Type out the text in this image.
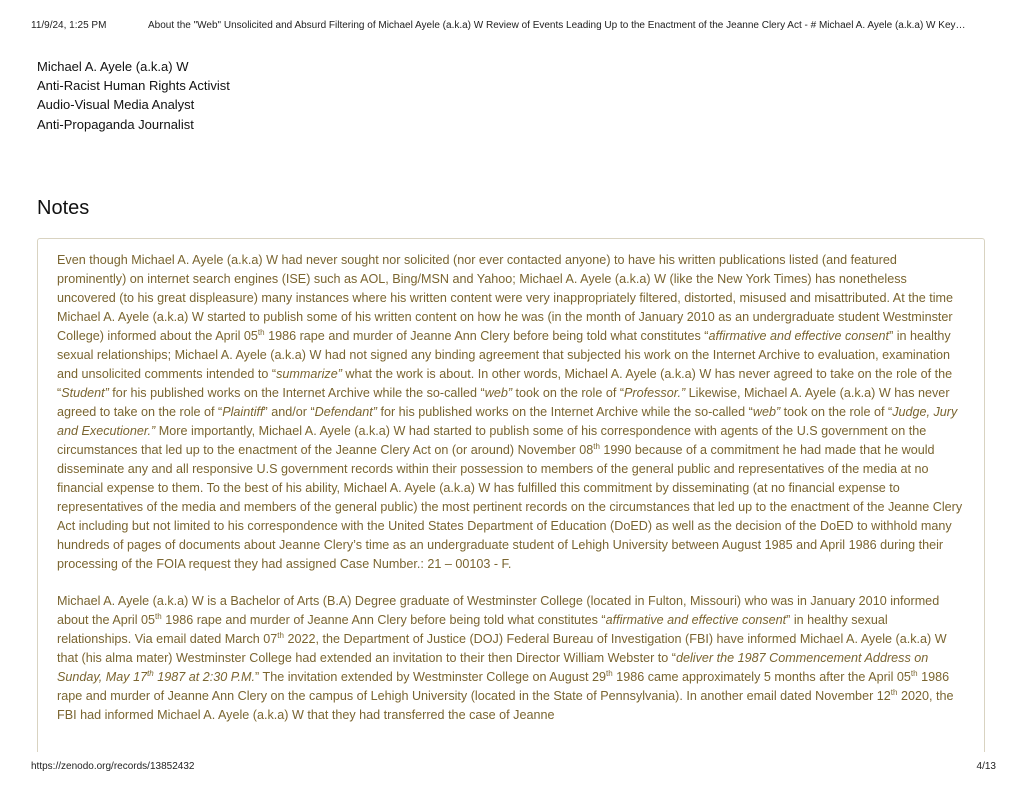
11/9/24, 1:25 PM	About the "Web" Unsolicited and Absurd Filtering of Michael Ayele (a.k.a) W Review of Events Leading Up to the Enactment of the Jeanne Clery Act - # Michael A. Ayele (a.k.a) W Key…
Michael A. Ayele (a.k.a) W
Anti-Racist Human Rights Activist
Audio-Visual Media Analyst
Anti-Propaganda Journalist
Notes

Even though Michael A. Ayele (a.k.a) W had never sought nor solicited (nor ever contacted anyone) to have his written publications listed (and featured prominently) on internet search engines (ISE) such as AOL, Bing/MSN and Yahoo; Michael A. Ayele (a.k.a) W (like the New York Times) has nonetheless uncovered (to his great displeasure) many instances where his written content were very inappropriately filtered, distorted, misused and misattributed. At the time Michael A. Ayele (a.k.a) W started to publish some of his written content on how he was (in the month of January 2010 as an undergraduate student Westminster College) informed about the April 05th 1986 rape and murder of Jeanne Ann Clery before being told what constitutes “affirmative and effective consent” in healthy sexual relationships; Michael A. Ayele (a.k.a) W had not signed any binding agreement that subjected his work on the Internet Archive to evaluation, examination and unsolicited comments intended to “summarize” what the work is about. In other words, Michael A. Ayele (a.k.a) W has never agreed to take on the role of the “Student” for his published works on the Internet Archive while the so-called “web” took on the role of “Professor.” Likewise, Michael A. Ayele (a.k.a) W has never agreed to take on the role of “Plaintiff” and/or “Defendant” for his published works on the Internet Archive while the so-called “web” took on the role of “Judge, Jury and Executioner.” More importantly, Michael A. Ayele (a.k.a) W had started to publish some of his correspondence with agents of the U.S government on the circumstances that led up to the enactment of the Jeanne Clery Act on (or around) November 08th 1990 because of a commitment he had made that he would disseminate any and all responsive U.S government records within their possession to members of the general public and representatives of the media at no financial expense to them. To the best of his ability, Michael A. Ayele (a.k.a) W has fulfilled this commitment by disseminating (at no financial expense to representatives of the media and members of the general public) the most pertinent records on the circumstances that led up to the enactment of the Jeanne Clery Act including but not limited to his correspondence with the United States Department of Education (DoED) as well as the decision of the DoED to withhold many hundreds of pages of documents about Jeanne Clery’s time as an undergraduate student of Lehigh University between August 1985 and April 1986 during their processing of the FOIA request they had assigned Case Number.: 21 – 00103 - F.

Michael A. Ayele (a.k.a) W is a Bachelor of Arts (B.A) Degree graduate of Westminster College (located in Fulton, Missouri) who was in January 2010 informed about the April 05th 1986 rape and murder of Jeanne Ann Clery before being told what constitutes “affirmative and effective consent” in healthy sexual relationships. Via email dated March 07th 2022, the Department of Justice (DOJ) Federal Bureau of Investigation (FBI) have informed Michael A. Ayele (a.k.a) W that (his alma mater) Westminster College had extended an invitation to their then Director William Webster to “deliver the 1987 Commencement Address on Sunday, May 17th 1987 at 2:30 P.M.” The invitation extended by Westminster College on August 29th 1986 came approximately 5 months after the April 05th 1986 rape and murder of Jeanne Ann Clery on the campus of Lehigh University (located in the State of Pennsylvania). In another email dated November 12th 2020, the FBI had informed Michael A. Ayele (a.k.a) W that they had transferred the case of Jeanne

https://zenodo.org/records/13852432	4/13
